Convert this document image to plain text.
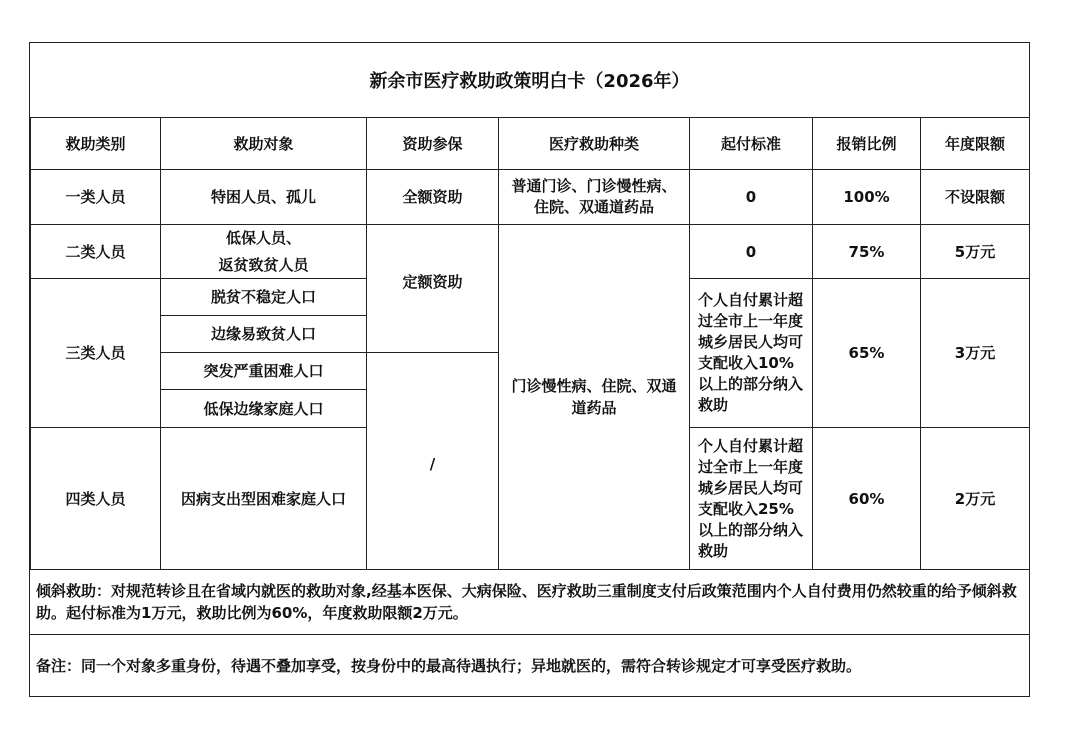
新余市医疗救助政策明白卡（2026年）
救助类别	救助对象	资助参保	医疗救助种类	起付标准	报销比例	年度限额
一类人员	特困人员、孤儿	全额资助	普通门诊、门诊慢性病、住院、双通道药品	0	100%	不设限额
二类人员	低保人员、	定额资助	门诊慢性病、住院、双通道药品	0	75%	5万元
	返贫致贫人员					
三类人员	脱贫不稳定人口			个人自付累计超过全市上一年度城乡居民人均可支配收入10%以上的部分纳入救助	65%	3万元
	边缘易致贫人口					
	突发严重困难人口	/				
	低保边缘家庭人口					
四类人员	因病支出型困难家庭人口			个人自付累计超过全市上一年度城乡居民人均可支配收入25%以上的部分纳入救助	60%	2万元
倾斜救助：对规范转诊且在省域内就医的救助对象,经基本医保、大病保险、医疗救助三重制度支付后政策范围内个人自付费用仍然较重的给予倾斜救助。起付标准为1万元，救助比例为60%，年度救助限额2万元。
备注：同一个对象多重身份，待遇不叠加享受，按身份中的最高待遇执行；异地就医的，需符合转诊规定才可享受医疗救助。
